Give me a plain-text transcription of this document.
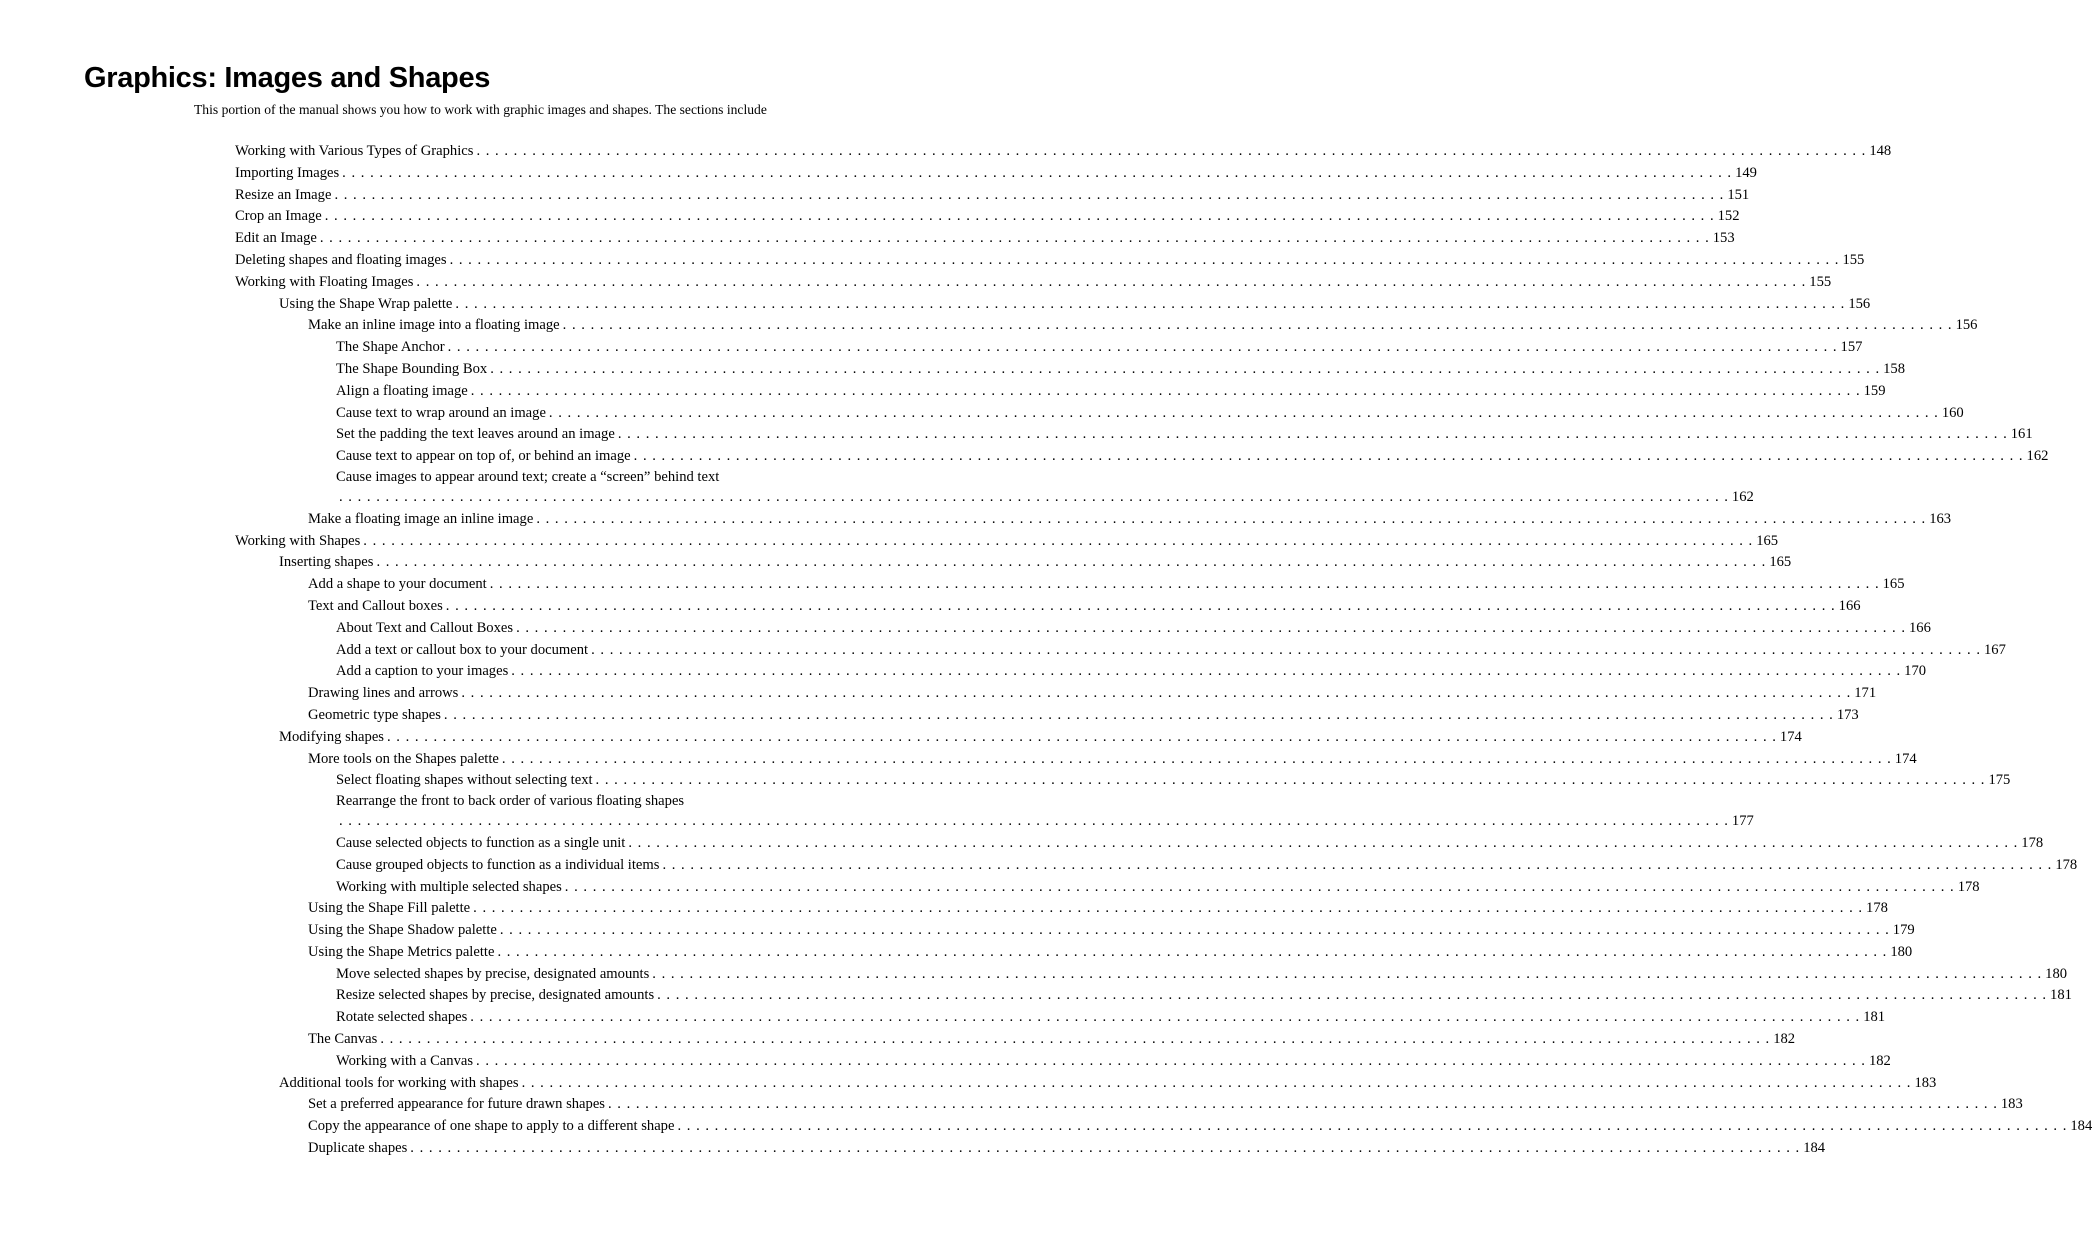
Graphics: Images and Shapes

This portion of the manual shows you how to work with graphic images and shapes. The sections include

Working with Various Types of Graphics . . . . . . . . . . . . . . . . . . . . . . . . . . . . . . . . . . . . . . . . . . . . . . . . . . . . . . . . . . . . . . . . . . . . . . . . . . . . . . . . . . . . . . . . . . . . . . . . . . . . . . . . . . . . . . . . . . . . . . . . . . . . . . . . . . . . . . . . . . . . . . . . . . . . . . 148
Importing Images . . . . . . . . . . . . . . . . . . . . . . . . . . . . . . . . . . . . . . . . . . . . . . . . . . . . . . . . . . . . . . . . . . . . . . . . . . . . . . . . . . . . . . . . . . . . . . . . . . . . . . . . . . . . . . . . . . . . . . . . . . . . . . . . . . . . . . . . . . . . . . . . . . . . . . 149
Resize an Image . . . . . . . . . . . . . . . . . . . . . . . . . . . . . . . . . . . . . . . . . . . . . . . . . . . . . . . . . . . . . . . . . . . . . . . . . . . . . . . . . . . . . . . . . . . . . . . . . . . . . . . . . . . . . . . . . . . . . . . . . . . . . . . . . . . . . . . . . . . . . . . . . . . . . . 151
Crop an Image . . . . . . . . . . . . . . . . . . . . . . . . . . . . . . . . . . . . . . . . . . . . . . . . . . . . . . . . . . . . . . . . . . . . . . . . . . . . . . . . . . . . . . . . . . . . . . . . . . . . . . . . . . . . . . . . . . . . . . . . . . . . . . . . . . . . . . . . . . . . . . . . . . . . . . 152
Edit an Image . . . . . . . . . . . . . . . . . . . . . . . . . . . . . . . . . . . . . . . . . . . . . . . . . . . . . . . . . . . . . . . . . . . . . . . . . . . . . . . . . . . . . . . . . . . . . . . . . . . . . . . . . . . . . . . . . . . . . . . . . . . . . . . . . . . . . . . . . . . . . . . . . . . . . . 153
Deleting shapes and floating images . . . . . . . . . . . . . . . . . . . . . . . . . . . . . . . . . . . . . . . . . . . . . . . . . . . . . . . . . . . . . . . . . . . . . . . . . . . . . . . . . . . . . . . . . . . . . . . . . . . . . . . . . . . . . . . . . . . . . . . . . . . . . . . . . . . . . . . . . . . . . . . . . . . . . . 155
Working with Floating Images . . . . . . . . . . . . . . . . . . . . . . . . . . . . . . . . . . . . . . . . . . . . . . . . . . . . . . . . . . . . . . . . . . . . . . . . . . . . . . . . . . . . . . . . . . . . . . . . . . . . . . . . . . . . . . . . . . . . . . . . . . . . . . . . . . . . . . . . . . . . . . . . . . . . . . 155
Using the Shape Wrap palette . . . . . . . . . . . . . . . . . . . . . . . . . . . . . . . . . . . . . . . . . . . . . . . . . . . . . . . . . . . . . . . . . . . . . . . . . . . . . . . . . . . . . . . . . . . . . . . . . . . . . . . . . . . . . . . . . . . . . . . . . . . . . . . . . . . . . . . . . . . . . . . . . . . . . . 156
Make an inline image into a floating image . . . . . . . . . . . . . . . . . . . . . . . . . . . . . . . . . . . . . . . . . . . . . . . . . . . . . . . . . . . . . . . . . . . . . . . . . . . . . . . . . . . . . . . . . . . . . . . . . . . . . . . . . . . . . . . . . . . . . . . . . . . . . . . . . . . . . . . . . . . . . . . . . . . . . . 156
The Shape Anchor . . . . . . . . . . . . . . . . . . . . . . . . . . . . . . . . . . . . . . . . . . . . . . . . . . . . . . . . . . . . . . . . . . . . . . . . . . . . . . . . . . . . . . . . . . . . . . . . . . . . . . . . . . . . . . . . . . . . . . . . . . . . . . . . . . . . . . . . . . . . . . . . . . . . . . 157
The Shape Bounding Box . . . . . . . . . . . . . . . . . . . . . . . . . . . . . . . . . . . . . . . . . . . . . . . . . . . . . . . . . . . . . . . . . . . . . . . . . . . . . . . . . . . . . . . . . . . . . . . . . . . . . . . . . . . . . . . . . . . . . . . . . . . . . . . . . . . . . . . . . . . . . . . . . . . . . . 158
Align a floating image . . . . . . . . . . . . . . . . . . . . . . . . . . . . . . . . . . . . . . . . . . . . . . . . . . . . . . . . . . . . . . . . . . . . . . . . . . . . . . . . . . . . . . . . . . . . . . . . . . . . . . . . . . . . . . . . . . . . . . . . . . . . . . . . . . . . . . . . . . . . . . . . . . . . . . 159
Cause text to wrap around an image . . . . . . . . . . . . . . . . . . . . . . . . . . . . . . . . . . . . . . . . . . . . . . . . . . . . . . . . . . . . . . . . . . . . . . . . . . . . . . . . . . . . . . . . . . . . . . . . . . . . . . . . . . . . . . . . . . . . . . . . . . . . . . . . . . . . . . . . . . . . . . . . . . . . . . 160
Set the padding the text leaves around an image . . . . . . . . . . . . . . . . . . . . . . . . . . . . . . . . . . . . . . . . . . . . . . . . . . . . . . . . . . . . . . . . . . . . . . . . . . . . . . . . . . . . . . . . . . . . . . . . . . . . . . . . . . . . . . . . . . . . . . . . . . . . . . . . . . . . . . . . . . . . . . . . . . . . . . 161
Cause text to appear on top of, or behind an image . . . . . . . . . . . . . . . . . . . . . . . . . . . . . . . . . . . . . . . . . . . . . . . . . . . . . . . . . . . . . . . . . . . . . . . . . . . . . . . . . . . . . . . . . . . . . . . . . . . . . . . . . . . . . . . . . . . . . . . . . . . . . . . . . . . . . . . . . . . . . . . . . . . . . . 162
Cause images to appear around text; create a “screen” behind text
. . . . . . . . . . . . . . . . . . . . . . . . . . . . . . . . . . . . . . . . . . . . . . . . . . . . . . . . . . . . . . . . . . . . . . . . . . . . . . . . . . . . . . . . . . . . . . . . . . . . . . . . . . . . . . . . . . . . . . . . . . . . . . . . . . . . . . . . . . . . . . . . . . . . . . 162
Make a floating image an inline image . . . . . . . . . . . . . . . . . . . . . . . . . . . . . . . . . . . . . . . . . . . . . . . . . . . . . . . . . . . . . . . . . . . . . . . . . . . . . . . . . . . . . . . . . . . . . . . . . . . . . . . . . . . . . . . . . . . . . . . . . . . . . . . . . . . . . . . . . . . . . . . . . . . . . . 163
Working with Shapes . . . . . . . . . . . . . . . . . . . . . . . . . . . . . . . . . . . . . . . . . . . . . . . . . . . . . . . . . . . . . . . . . . . . . . . . . . . . . . . . . . . . . . . . . . . . . . . . . . . . . . . . . . . . . . . . . . . . . . . . . . . . . . . . . . . . . . . . . . . . . . . . . . . . . . 165
Inserting shapes . . . . . . . . . . . . . . . . . . . . . . . . . . . . . . . . . . . . . . . . . . . . . . . . . . . . . . . . . . . . . . . . . . . . . . . . . . . . . . . . . . . . . . . . . . . . . . . . . . . . . . . . . . . . . . . . . . . . . . . . . . . . . . . . . . . . . . . . . . . . . . . . . . . . . . 165
Add a shape to your document . . . . . . . . . . . . . . . . . . . . . . . . . . . . . . . . . . . . . . . . . . . . . . . . . . . . . . . . . . . . . . . . . . . . . . . . . . . . . . . . . . . . . . . . . . . . . . . . . . . . . . . . . . . . . . . . . . . . . . . . . . . . . . . . . . . . . . . . . . . . . . . . . . . . . . 165
Text and Callout boxes . . . . . . . . . . . . . . . . . . . . . . . . . . . . . . . . . . . . . . . . . . . . . . . . . . . . . . . . . . . . . . . . . . . . . . . . . . . . . . . . . . . . . . . . . . . . . . . . . . . . . . . . . . . . . . . . . . . . . . . . . . . . . . . . . . . . . . . . . . . . . . . . . . . . . . 166
About Text and Callout Boxes . . . . . . . . . . . . . . . . . . . . . . . . . . . . . . . . . . . . . . . . . . . . . . . . . . . . . . . . . . . . . . . . . . . . . . . . . . . . . . . . . . . . . . . . . . . . . . . . . . . . . . . . . . . . . . . . . . . . . . . . . . . . . . . . . . . . . . . . . . . . . . . . . . . . . . 166
Add a text or callout box to your document . . . . . . . . . . . . . . . . . . . . . . . . . . . . . . . . . . . . . . . . . . . . . . . . . . . . . . . . . . . . . . . . . . . . . . . . . . . . . . . . . . . . . . . . . . . . . . . . . . . . . . . . . . . . . . . . . . . . . . . . . . . . . . . . . . . . . . . . . . . . . . . . . . . . . . 167
Add a caption to your images . . . . . . . . . . . . . . . . . . . . . . . . . . . . . . . . . . . . . . . . . . . . . . . . . . . . . . . . . . . . . . . . . . . . . . . . . . . . . . . . . . . . . . . . . . . . . . . . . . . . . . . . . . . . . . . . . . . . . . . . . . . . . . . . . . . . . . . . . . . . . . . . . . . . . . 170
Drawing lines and arrows . . . . . . . . . . . . . . . . . . . . . . . . . . . . . . . . . . . . . . . . . . . . . . . . . . . . . . . . . . . . . . . . . . . . . . . . . . . . . . . . . . . . . . . . . . . . . . . . . . . . . . . . . . . . . . . . . . . . . . . . . . . . . . . . . . . . . . . . . . . . . . . . . . . . . . 171
Geometric type shapes . . . . . . . . . . . . . . . . . . . . . . . . . . . . . . . . . . . . . . . . . . . . . . . . . . . . . . . . . . . . . . . . . . . . . . . . . . . . . . . . . . . . . . . . . . . . . . . . . . . . . . . . . . . . . . . . . . . . . . . . . . . . . . . . . . . . . . . . . . . . . . . . . . . . . . 173
Modifying shapes . . . . . . . . . . . . . . . . . . . . . . . . . . . . . . . . . . . . . . . . . . . . . . . . . . . . . . . . . . . . . . . . . . . . . . . . . . . . . . . . . . . . . . . . . . . . . . . . . . . . . . . . . . . . . . . . . . . . . . . . . . . . . . . . . . . . . . . . . . . . . . . . . . . . . . 174
More tools on the Shapes palette . . . . . . . . . . . . . . . . . . . . . . . . . . . . . . . . . . . . . . . . . . . . . . . . . . . . . . . . . . . . . . . . . . . . . . . . . . . . . . . . . . . . . . . . . . . . . . . . . . . . . . . . . . . . . . . . . . . . . . . . . . . . . . . . . . . . . . . . . . . . . . . . . . . . . . 174
Select floating shapes without selecting text . . . . . . . . . . . . . . . . . . . . . . . . . . . . . . . . . . . . . . . . . . . . . . . . . . . . . . . . . . . . . . . . . . . . . . . . . . . . . . . . . . . . . . . . . . . . . . . . . . . . . . . . . . . . . . . . . . . . . . . . . . . . . . . . . . . . . . . . . . . . . . . . . . . . . . 175
Rearrange the front to back order of various floating shapes
. . . . . . . . . . . . . . . . . . . . . . . . . . . . . . . . . . . . . . . . . . . . . . . . . . . . . . . . . . . . . . . . . . . . . . . . . . . . . . . . . . . . . . . . . . . . . . . . . . . . . . . . . . . . . . . . . . . . . . . . . . . . . . . . . . . . . . . . . . . . . . . . . . . . . . 177
Cause selected objects to function as a single unit . . . . . . . . . . . . . . . . . . . . . . . . . . . . . . . . . . . . . . . . . . . . . . . . . . . . . . . . . . . . . . . . . . . . . . . . . . . . . . . . . . . . . . . . . . . . . . . . . . . . . . . . . . . . . . . . . . . . . . . . . . . . . . . . . . . . . . . . . . . . . . . . . . . . . . 178
Cause grouped objects to function as a individual items . . . . . . . . . . . . . . . . . . . . . . . . . . . . . . . . . . . . . . . . . . . . . . . . . . . . . . . . . . . . . . . . . . . . . . . . . . . . . . . . . . . . . . . . . . . . . . . . . . . . . . . . . . . . . . . . . . . . . . . . . . . . . . . . . . . . . . . . . . . . . . . . . . . . . . 178
Working with multiple selected shapes . . . . . . . . . . . . . . . . . . . . . . . . . . . . . . . . . . . . . . . . . . . . . . . . . . . . . . . . . . . . . . . . . . . . . . . . . . . . . . . . . . . . . . . . . . . . . . . . . . . . . . . . . . . . . . . . . . . . . . . . . . . . . . . . . . . . . . . . . . . . . . . . . . . . . . 178
Using the Shape Fill palette . . . . . . . . . . . . . . . . . . . . . . . . . . . . . . . . . . . . . . . . . . . . . . . . . . . . . . . . . . . . . . . . . . . . . . . . . . . . . . . . . . . . . . . . . . . . . . . . . . . . . . . . . . . . . . . . . . . . . . . . . . . . . . . . . . . . . . . . . . . . . . . . . . . . . . 178
Using the Shape Shadow palette . . . . . . . . . . . . . . . . . . . . . . . . . . . . . . . . . . . . . . . . . . . . . . . . . . . . . . . . . . . . . . . . . . . . . . . . . . . . . . . . . . . . . . . . . . . . . . . . . . . . . . . . . . . . . . . . . . . . . . . . . . . . . . . . . . . . . . . . . . . . . . . . . . . . . . 179
Using the Shape Metrics palette . . . . . . . . . . . . . . . . . . . . . . . . . . . . . . . . . . . . . . . . . . . . . . . . . . . . . . . . . . . . . . . . . . . . . . . . . . . . . . . . . . . . . . . . . . . . . . . . . . . . . . . . . . . . . . . . . . . . . . . . . . . . . . . . . . . . . . . . . . . . . . . . . . . . . . 180
Move selected shapes by precise, designated amounts . . . . . . . . . . . . . . . . . . . . . . . . . . . . . . . . . . . . . . . . . . . . . . . . . . . . . . . . . . . . . . . . . . . . . . . . . . . . . . . . . . . . . . . . . . . . . . . . . . . . . . . . . . . . . . . . . . . . . . . . . . . . . . . . . . . . . . . . . . . . . . . . . . . . . . 180
Resize selected shapes by precise, designated amounts . . . . . . . . . . . . . . . . . . . . . . . . . . . . . . . . . . . . . . . . . . . . . . . . . . . . . . . . . . . . . . . . . . . . . . . . . . . . . . . . . . . . . . . . . . . . . . . . . . . . . . . . . . . . . . . . . . . . . . . . . . . . . . . . . . . . . . . . . . . . . . . . . . . . . . 181
Rotate selected shapes . . . . . . . . . . . . . . . . . . . . . . . . . . . . . . . . . . . . . . . . . . . . . . . . . . . . . . . . . . . . . . . . . . . . . . . . . . . . . . . . . . . . . . . . . . . . . . . . . . . . . . . . . . . . . . . . . . . . . . . . . . . . . . . . . . . . . . . . . . . . . . . . . . . . . . 181
The Canvas . . . . . . . . . . . . . . . . . . . . . . . . . . . . . . . . . . . . . . . . . . . . . . . . . . . . . . . . . . . . . . . . . . . . . . . . . . . . . . . . . . . . . . . . . . . . . . . . . . . . . . . . . . . . . . . . . . . . . . . . . . . . . . . . . . . . . . . . . . . . . . . . . . . . . . 182
Working with a Canvas . . . . . . . . . . . . . . . . . . . . . . . . . . . . . . . . . . . . . . . . . . . . . . . . . . . . . . . . . . . . . . . . . . . . . . . . . . . . . . . . . . . . . . . . . . . . . . . . . . . . . . . . . . . . . . . . . . . . . . . . . . . . . . . . . . . . . . . . . . . . . . . . . . . . . . 182
Additional tools for working with shapes . . . . . . . . . . . . . . . . . . . . . . . . . . . . . . . . . . . . . . . . . . . . . . . . . . . . . . . . . . . . . . . . . . . . . . . . . . . . . . . . . . . . . . . . . . . . . . . . . . . . . . . . . . . . . . . . . . . . . . . . . . . . . . . . . . . . . . . . . . . . . . . . . . . . . . 183
Set a preferred appearance for future drawn shapes . . . . . . . . . . . . . . . . . . . . . . . . . . . . . . . . . . . . . . . . . . . . . . . . . . . . . . . . . . . . . . . . . . . . . . . . . . . . . . . . . . . . . . . . . . . . . . . . . . . . . . . . . . . . . . . . . . . . . . . . . . . . . . . . . . . . . . . . . . . . . . . . . . . . . . 183
Copy the appearance of one shape to apply to a different shape . . . . . . . . . . . . . . . . . . . . . . . . . . . . . . . . . . . . . . . . . . . . . . . . . . . . . . . . . . . . . . . . . . . . . . . . . . . . . . . . . . . . . . . . . . . . . . . . . . . . . . . . . . . . . . . . . . . . . . . . . . . . . . . . . . . . . . . . . . . . . . . . . . . . . . 184
Duplicate shapes . . . . . . . . . . . . . . . . . . . . . . . . . . . . . . . . . . . . . . . . . . . . . . . . . . . . . . . . . . . . . . . . . . . . . . . . . . . . . . . . . . . . . . . . . . . . . . . . . . . . . . . . . . . . . . . . . . . . . . . . . . . . . . . . . . . . . . . . . . . . . . . . . . . . . . 184
